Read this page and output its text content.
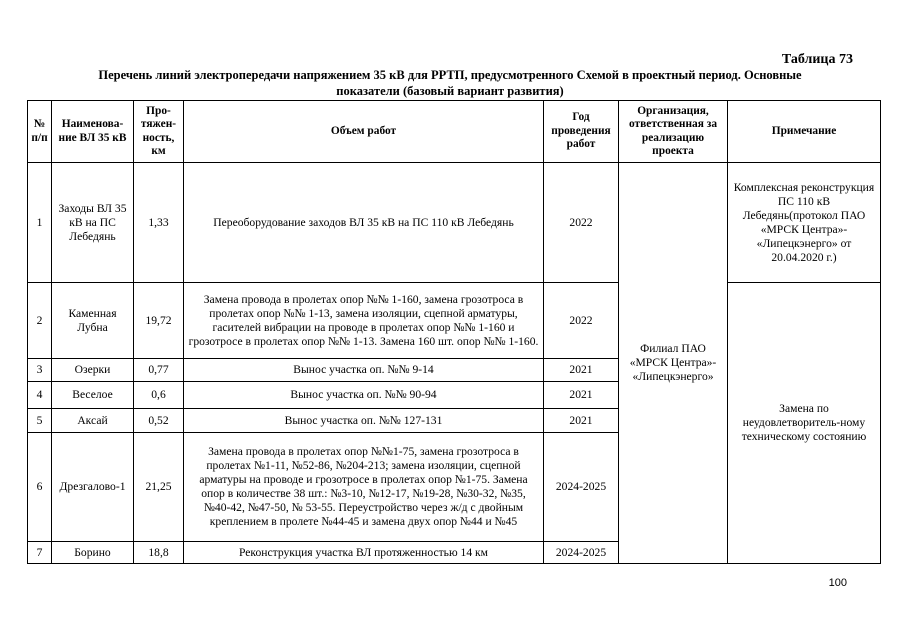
Таблица 73
Перечень линий электропередачи напряжением 35 кВ для РРТП, предусмотренного Схемой в проектный период. Основные показатели (базовый вариант развития)
№ п/п	Наименова-ние ВЛ 35 кВ	Про-тяжен-ность, км	Объем работ	Год проведения работ	Организация, ответственная за реализацию проекта	Примечание
1	Заходы ВЛ 35 кВ на ПС Лебедянь	1,33	Переоборудование заходов ВЛ 35 кВ на ПС 110 кВ Лебедянь	2022	Филиал ПАО «МРСК Центра»- «Липецкэнерго»	Комплексная реконструкция ПС 110 кВ Лебедянь(протокол ПАО «МРСК Центра»- «Липецкэнерго» от 20.04.2020 г.)
2	Каменная Лубна	19,72	Замена провода в пролетах опор №№ 1-160, замена грозотроса в пролетах опор №№ 1-13, замена изоляции, сцепной арматуры, гасителей вибрации на проводе в пролетах опор №№ 1-160 и грозотросе в пролетах опор №№ 1-13. Замена 160 шт. опор №№ 1-160.	2022		Замена по неудовлетворитель-ному техническому состоянию
3	Озерки	0,77	Вынос участка оп. №№ 9-14	2021		
4	Веселое	0,6	Вынос участка оп. №№ 90-94	2021		
5	Аксай	0,52	Вынос участка оп. №№ 127-131	2021		
6	Дрезгалово-1	21,25	Замена провода в пролетах опор №№1-75, замена грозотроса в пролетах №1-11, №52-86, №204-213; замена изоляции, сцепной арматуры на проводе и грозотросе в пролетах опор №1-75. Замена опор в количестве 38 шт.: №3-10, №12-17, №19-28, №30-32, №35, №40-42, №47-50, № 53-55. Переустройство через ж/д с двойным креплением в пролете №44-45 и замена двух опор №44 и №45	2024-2025		
7	Борино	18,8	Реконструкция участка ВЛ протяженностью 14 км	2024-2025		
100
